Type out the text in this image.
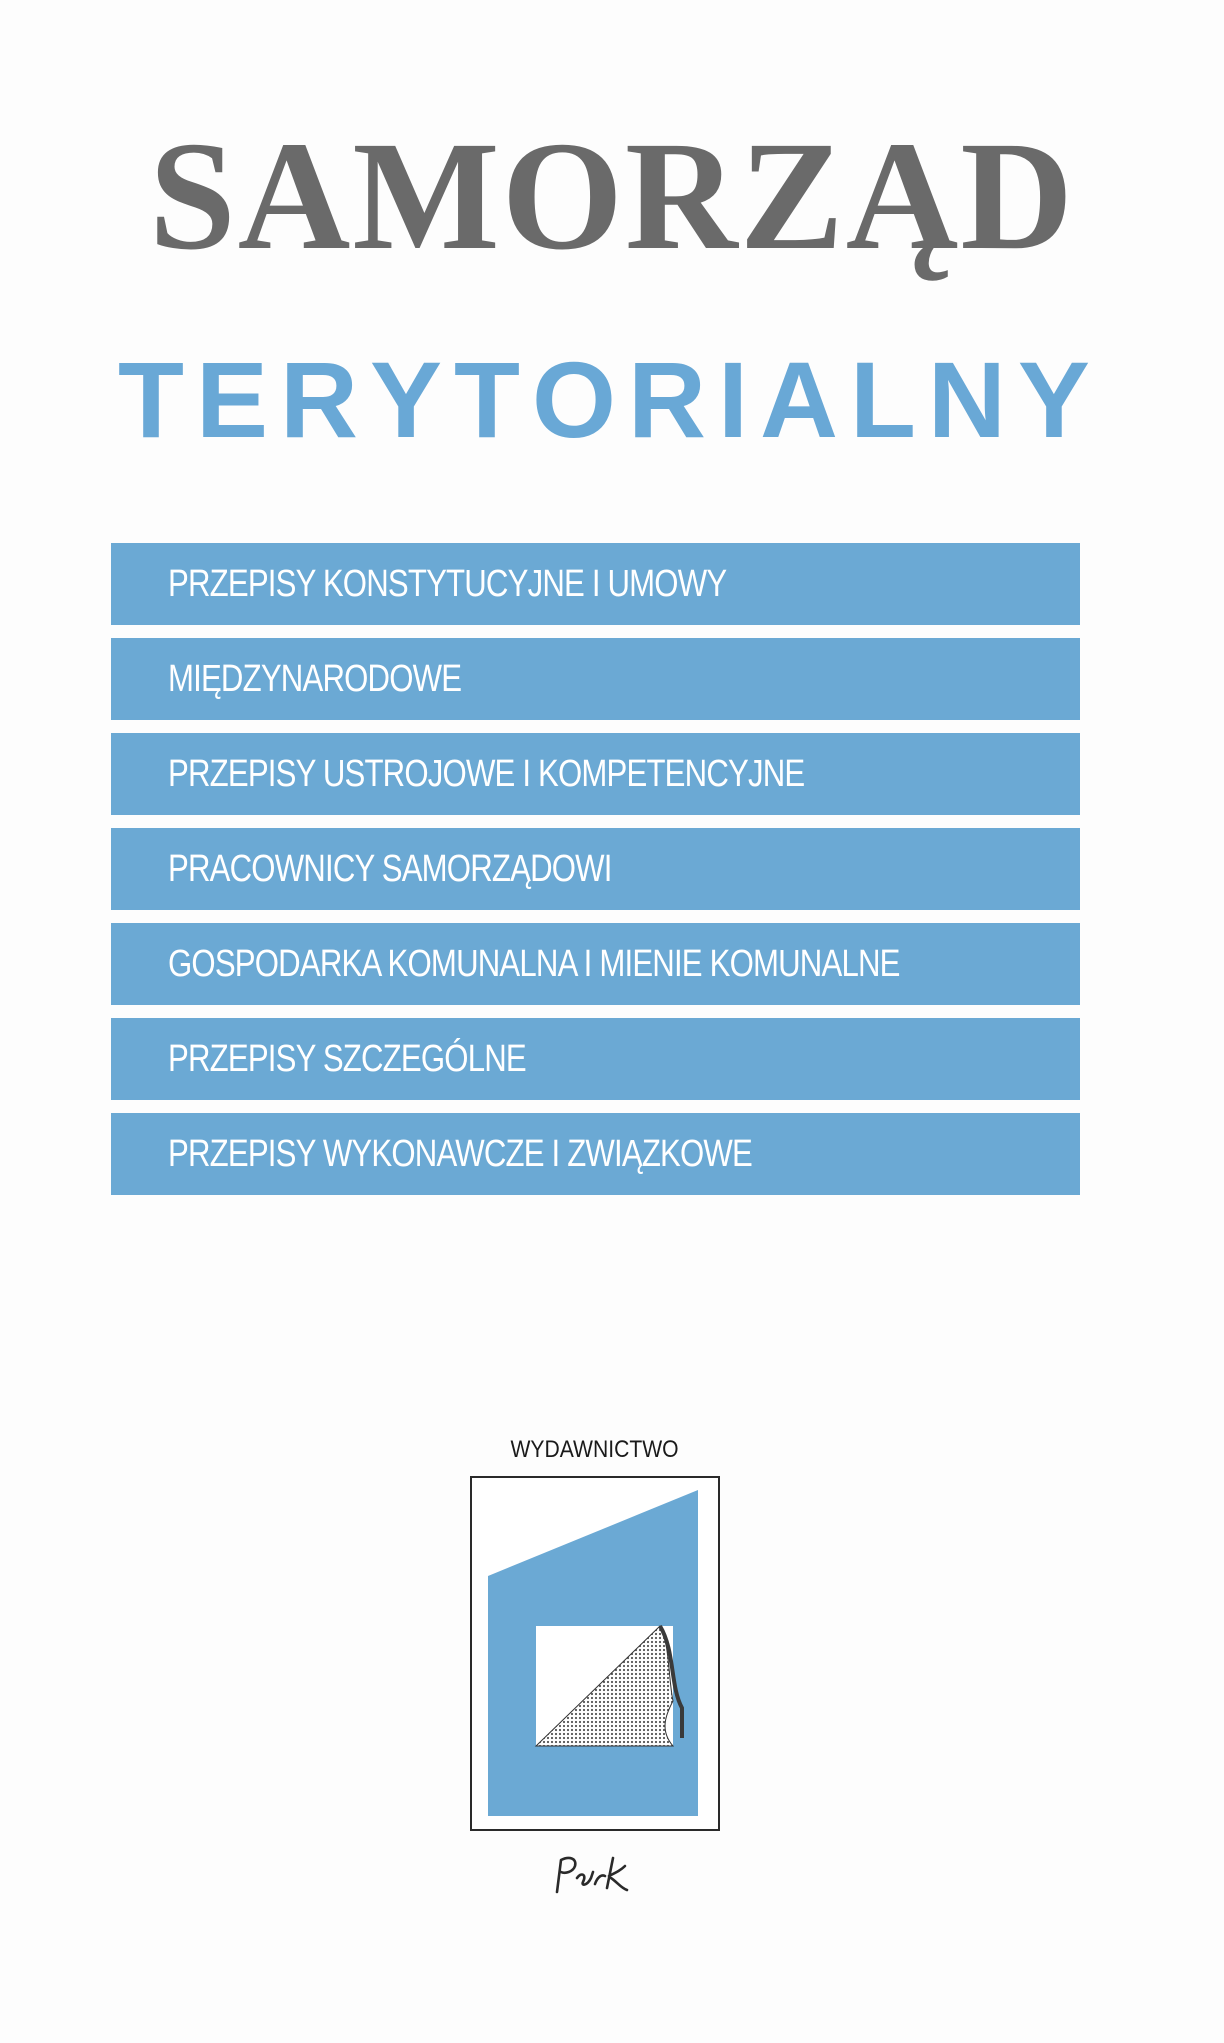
SAMORZĄD
T E R Y T O R I A L N Y
PRZEPISY KONSTYTUCYJNE I UMOWY
MIĘDZYNARODOWE
PRZEPISY USTROJOWE I KOMPETENCYJNE
PRACOWNICY SAMORZĄDOWI
GOSPODARKA KOMUNALNA I MIENIE KOMUNALNE
PRZEPISY SZCZEGÓLNE
PRZEPISY WYKONAWCZE I ZWIĄZKOWE
WYDAWNICTWO
